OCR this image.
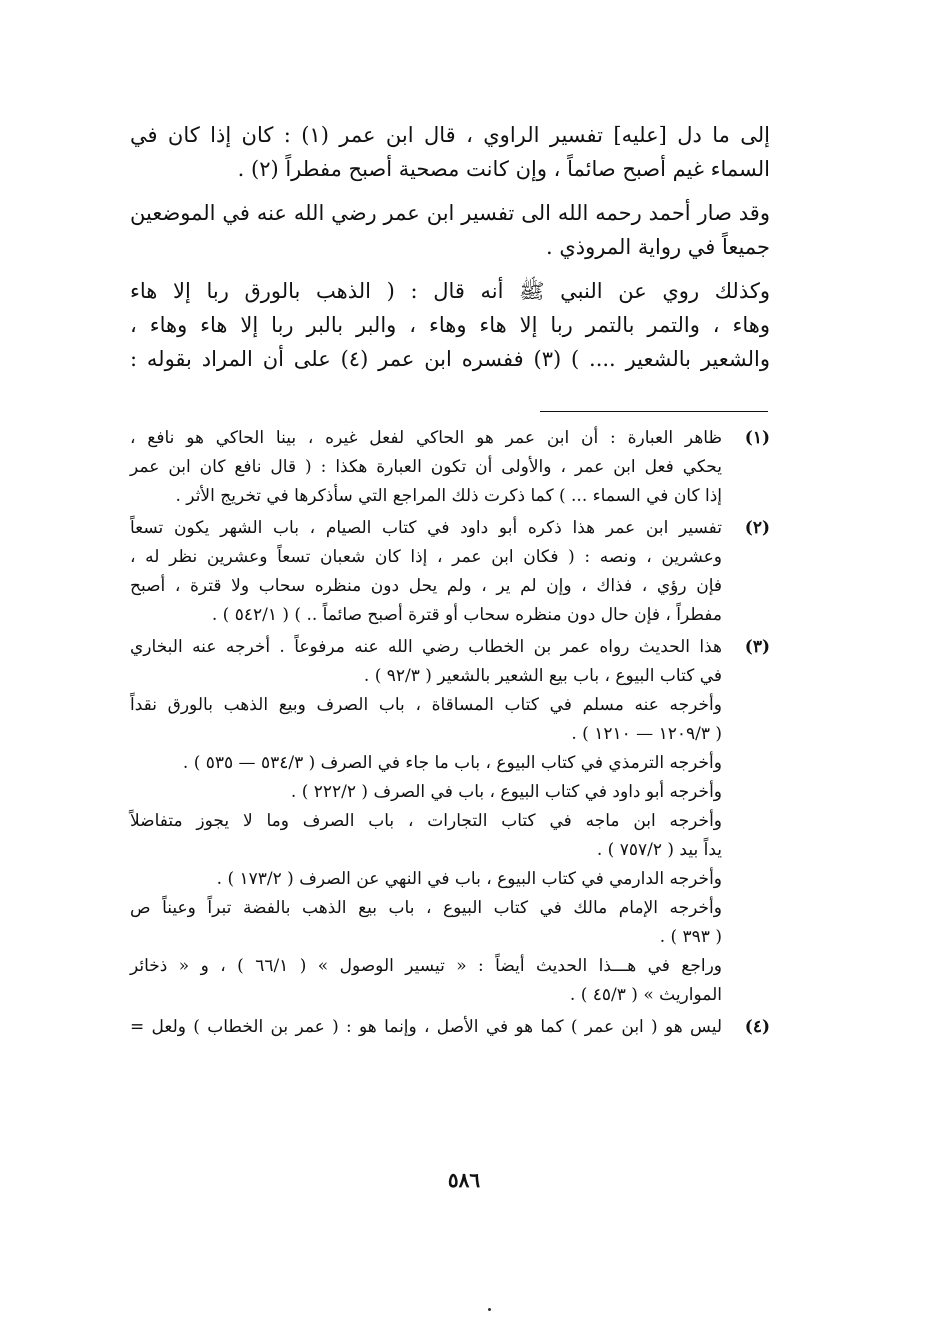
إلى ما دل [عليه] تفسير الراوي ، قال ابن عمر (١) : كان إذا كان في
السماء غيم أصبح صائماً ، وإن كانت مصحية أصبح مفطراً (٢) .
وقد صار أحمد رحمه الله الى تفسير ابن عمر رضي الله عنه في الموضعين
جميعاً في رواية المروذي .
وكذلك روي عن النبي ﷺ أنه قال : ( الذهب بالورق ربا إلا هاء
وهاء ، والتمر بالتمر ربا إلا هاء وهاء ، والبر بالبر ربا إلا هاء وهاء ،
والشعير بالشعير .... ) (٣) ففسره ابن عمر (٤) على أن المراد بقوله :
(١)
ظاهر العبارة : أن ابن عمر هو الحاكي لفعل غيره ، بينا الحاكي هو نافع ،
يحكي فعل ابن عمر ، والأولى أن تكون العبارة هكذا : ( قال نافع كان ابن عمر
إذا كان في السماء ... ) كما ذكرت ذلك المراجع التي سأذكرها في تخريج الأثر .
(٢)
تفسير ابن عمر هذا ذكره أبو داود في كتاب الصيام ، باب الشهر يكون تسعاً
وعشرين ، ونصه : ( فكان ابن عمر ، إذا كان شعبان تسعاً وعشرين نظر له ،
فإن رؤي ، فذاك ، وإن لم ير ، ولم يحل دون منظره سحاب ولا قترة ، أصبح
مفطراً ، فإن حال دون منظره سحاب أو قترة أصبح صائماً .. ) ( ٥٤٢/١ ) .
(٣)
هذا الحديث رواه عمر بن الخطاب رضي الله عنه مرفوعاً . أخرجه عنه البخاري
في كتاب البيوع ، باب بيع الشعير بالشعير ( ٩٢/٣ ) .
وأخرجه عنه مسلم في كتاب المساقاة ، باب الصرف وبيع الذهب بالورق نقداً
( ١٢٠٩/٣ — ١٢١٠ ) .
وأخرجه الترمذي في كتاب البيوع ، باب ما جاء في الصرف ( ٥٣٤/٣ — ٥٣٥ ) .
وأخرجه أبو داود في كتاب البيوع ، باب في الصرف ( ٢٢٢/٢ ) .
وأخرجه ابن ماجه في كتاب التجارات ، باب الصرف وما لا يجوز متفاضلاً
يداً بيد ( ٧٥٧/٢ ) .
وأخرجه الدارمي في كتاب البيوع ، باب في النهي عن الصرف ( ١٧٣/٢ ) .
وأخرجه الإمام مالك في كتاب البيوع ، باب بيع الذهب بالفضة تبراً وعيناً ص
( ٣٩٣ ) .
وراجع في هـــذا الحديث أيضاً : « تيسير الوصول » ( ٦٦/١ ) ، و « ذخائر
المواريث » ( ٤٥/٣ ) .
(٤)
ليس هو ( ابن عمر ) كما هو في الأصل ، وإنما هو : ( عمر بن الخطاب ) ولعل =
٥٨٦
